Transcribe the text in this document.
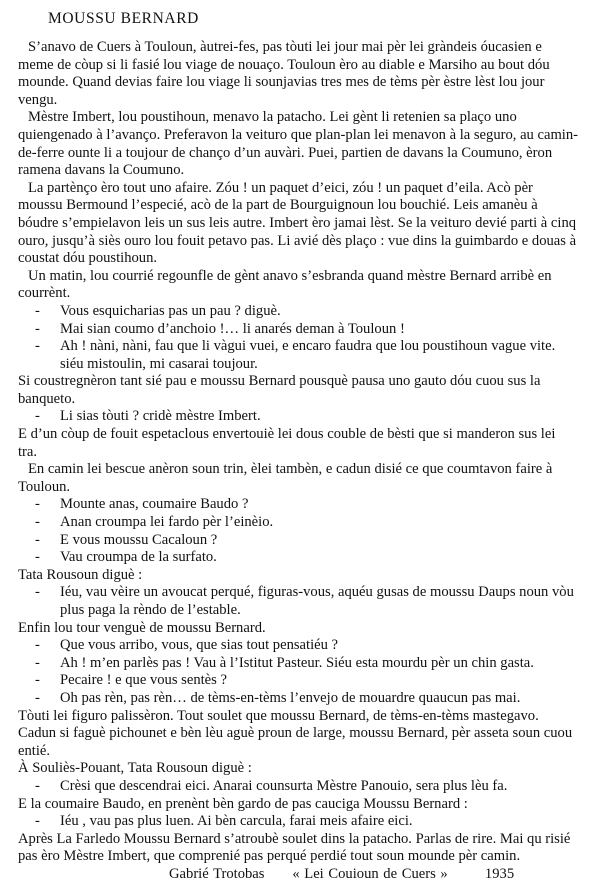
MOUSSU BERNARD

S’anavo de Cuers à Touloun, àutrei-fes, pas tòuti lei jour mai pèr lei gràndeis óucasien e meme de còup si li fasié lou viage de nouaço. Touloun èro au diable e Marsiho au bout dóu mounde. Quand devias faire lou viage li sounjavias tres mes de tèms pèr èstre lèst lou jour vengu.

Mèstre Imbert, lou poustihoun, menavo la patacho. Lei gènt li retenien sa plaço uno quiengenado à l’avanço. Preferavon la veituro que plan-plan lei menavon à la seguro, au camin-de-ferre ounte li a toujour de chanço d’un auvàri. Puei, partien de davans la Coumuno, èron ramena davans la Coumuno.

La partènço èro tout uno afaire. Zóu ! un paquet d’eici, zóu ! un paquet d’eila. Acò pèr moussu Bermound l’especié, acò de la part de Bourguignoun lou bouchié. Leis amanèu à bóudre s’empielavon leis un sus leis autre. Imbert èro jamai lèst. Se la veituro devié parti à cinq ouro, jusqu’à siès ouro lou fouit petavo pas. Li avié dès plaço : vue dins la guimbardo e douas à coustat dóu poustihoun.

Un matin, lou courrié regounfle de gènt anavo s’esbranda quand mèstre Bernard arribè en courrènt.

- Vous esquicharias pas un pau ? diguè.
- Mai sian coumo d’anchoio !… li anarés deman à Touloun !
- Ah ! nàni, nàni, fau que li vàgui vuei, e encaro faudra que lou poustihoun vague vite. siéu mistoulin, mi casarai toujour.

Si coustregnèron tant sié pau e moussu Bernard pousquè pausa uno gauto dóu cuou sus la banqueto.

- Li sias tòuti ? cridè mèstre Imbert.

E d’un còup de fouit espetaclous envertouiè lei dous couble de bèsti que si manderon sus lei tra.

En camin lei bescue anèron soun trin, èlei tambèn, e cadun disié ce que coumtavon faire à Touloun.

- Mounte anas, coumaire Baudo ?
- Anan croumpa lei fardo pèr l’einèio.
- E vous moussu Cacaloun ?
- Vau croumpa de la surfato.

Tata Rousoun diguè :

- Iéu, vau vèire un avoucat perqué, figuras-vous, aquéu gusas de moussu Daups noun vòu plus paga la rèndo de l’estable.

Enfin lou tour venguè de moussu Bernard.

- Que vous arribo, vous, que sias tout pensatiéu ?
- Ah ! m’en parlès pas ! Vau à l’Istitut Pasteur. Siéu esta mourdu pèr un chin gasta.
- Pecaire ! e que vous sentès ?
- Oh pas rèn, pas rèn… de tèms-en-tèms l’envejo de mouardre quaucun pas mai.

Tòuti lei figuro palissèron. Tout soulet que moussu Bernard, de tèms-en-tèms mastegavo. Cadun si faguè pichounet e bèn lèu aguè proun de large, moussu Bernard, pèr asseta soun cuou entié.

À Souliès-Pouant, Tata Rousoun diguè :

- Crèsi que descendrai eici. Anarai counsurta Mèstre Panouio, sera plus lèu fa.

E la coumaire Baudo, en prenènt bèn gardo de pas cauciga Moussu Bernard :

- Iéu , vau pas plus luen. Ai bèn carcula, farai meis afaire eici.

Après La Farledo Moussu Bernard s’atroubè soulet dins la patacho. Parlas de rire. Mai qu risié pas èro Mèstre Imbert, que comprenié pas perqué perdié tout soun mounde pèr camin.

Gabrié Trotobas « Lei Couioun de Cuers »	1935
